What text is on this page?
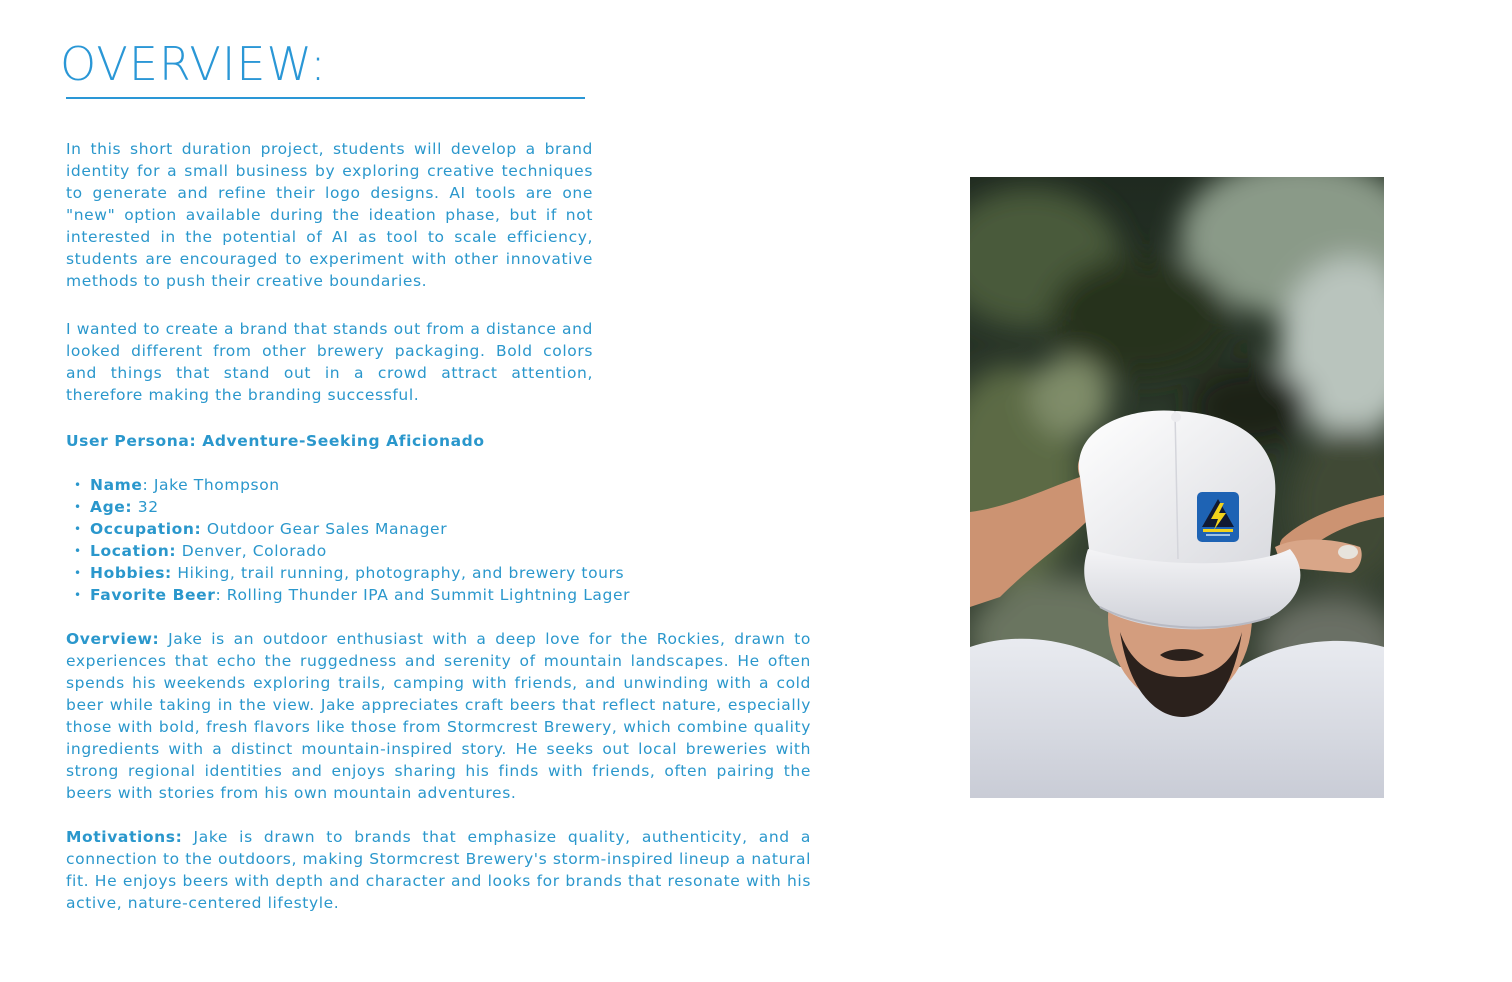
OVERVIEW:

In this short duration project, students will develop a brand identity for a small business by exploring creative techniques to generate and refine their logo designs. AI tools are one "new" option available during the ideation phase, but if not interested in the potential of AI as tool to scale efficiency, students are encouraged to experiment with other innovative methods to push their creative boundaries.

I wanted to create a brand that stands out from a distance and looked different from other brewery packaging. Bold colors and things that stand out in a crowd attract attention, therefore making the branding successful.

User Persona: Adventure-Seeking Aficionado

• Name: Jake Thompson
• Age: 32
• Occupation: Outdoor Gear Sales Manager
• Location: Denver, Colorado
• Hobbies: Hiking, trail running, photography, and brewery tours
• Favorite Beer: Rolling Thunder IPA and Summit Lightning Lager

Overview: Jake is an outdoor enthusiast with a deep love for the Rockies, drawn to experiences that echo the ruggedness and serenity of mountain landscapes. He often spends his weekends exploring trails, camping with friends, and unwinding with a cold beer while taking in the view. Jake appreciates craft beers that reflect nature, especially those with bold, fresh flavors like those from Stormcrest Brewery, which combine quality ingredients with a distinct mountain-inspired story. He seeks out local breweries with strong regional identities and enjoys sharing his finds with friends, often pairing the beers with stories from his own mountain adventures.

Motivations: Jake is drawn to brands that emphasize quality, authenticity, and a connection to the outdoors, making Stormcrest Brewery's storm-inspired lineup a natural fit. He enjoys beers with depth and character and looks for brands that resonate with his active, nature-centered lifestyle.
